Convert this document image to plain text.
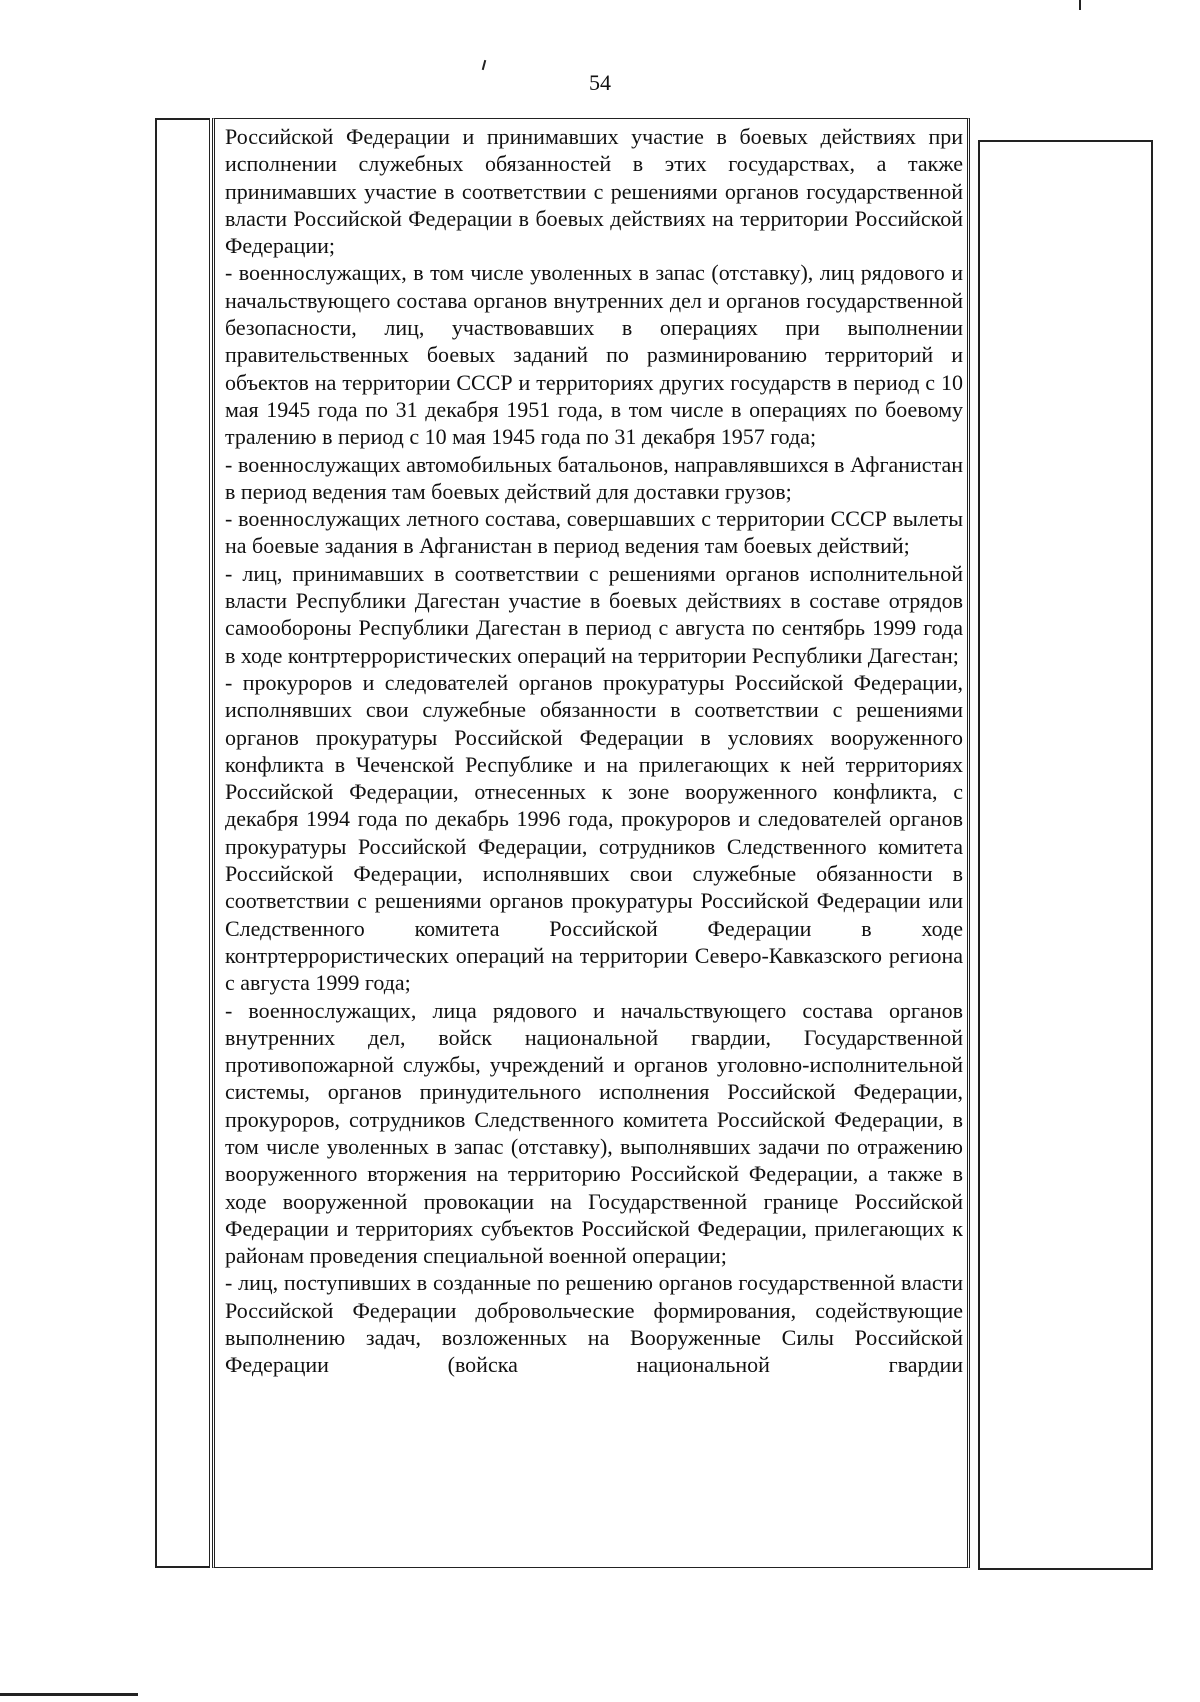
54

Российской Федерации и принимавших участие в боевых действиях при исполнении служебных обязанностей в этих государствах, а также принимавших участие в соответствии с решениями органов государственной власти Российской Федерации в боевых действиях на территории Российской Федерации;

- военнослужащих, в том числе уволенных в запас (отставку), лиц рядового и начальствующего состава органов внутренних дел и органов государственной безопасности, лиц, участвовавших в операциях при выполнении правительственных боевых заданий по разминированию территорий и объектов на территории СССР и территориях других государств в период с 10 мая 1945 года по 31 декабря 1951 года, в том числе в операциях по боевому тралению в период с 10 мая 1945 года по 31 декабря 1957 года;

- военнослужащих автомобильных батальонов, направлявшихся в Афганистан в период ведения там боевых действий для доставки грузов;

- военнослужащих летного состава, совершавших с территории СССР вылеты на боевые задания в Афганистан в период ведения там боевых действий;

- лиц, принимавших в соответствии с решениями органов исполнительной власти Республики Дагестан участие в боевых действиях в составе отрядов самообороны Республики Дагестан в период с августа по сентябрь 1999 года в ходе контртеррористических операций на территории Республики Дагестан;

- прокуроров и следователей органов прокуратуры Российской Федерации, исполнявших свои служебные обязанности в соответствии с решениями органов прокуратуры Российской Федерации в условиях вооруженного конфликта в Чеченской Республике и на прилегающих к ней территориях Российской Федерации, отнесенных к зоне вооруженного конфликта, с декабря 1994 года по декабрь 1996 года, прокуроров и следователей органов прокуратуры Российской Федерации, сотрудников Следственного комитета Российской Федерации, исполнявших свои служебные обязанности в соответствии с решениями органов прокуратуры Российской Федерации или Следственного комитета Российской Федерации в ходе контртеррористических операций на территории Северо-Кавказского региона с августа 1999 года;

- военнослужащих, лица рядового и начальствующего состава органов внутренних дел, войск национальной гвардии, Государственной противопожарной службы, учреждений и органов уголовно-исполнительной системы, органов принудительного исполнения Российской Федерации, прокуроров, сотрудников Следственного комитета Российской Федерации, в том числе уволенных в запас (отставку), выполнявших задачи по отражению вооруженного вторжения на территорию Российской Федерации, а также в ходе вооруженной провокации на Государственной границе Российской Федерации и территориях субъектов Российской Федерации, прилегающих к районам проведения специальной военной операции;

- лиц, поступивших в созданные по решению органов государственной власти Российской Федерации добровольческие формирования, содействующие выполнению задач, возложенных на Вооруженные Силы Российской Федерации (войска национальной гвардии
